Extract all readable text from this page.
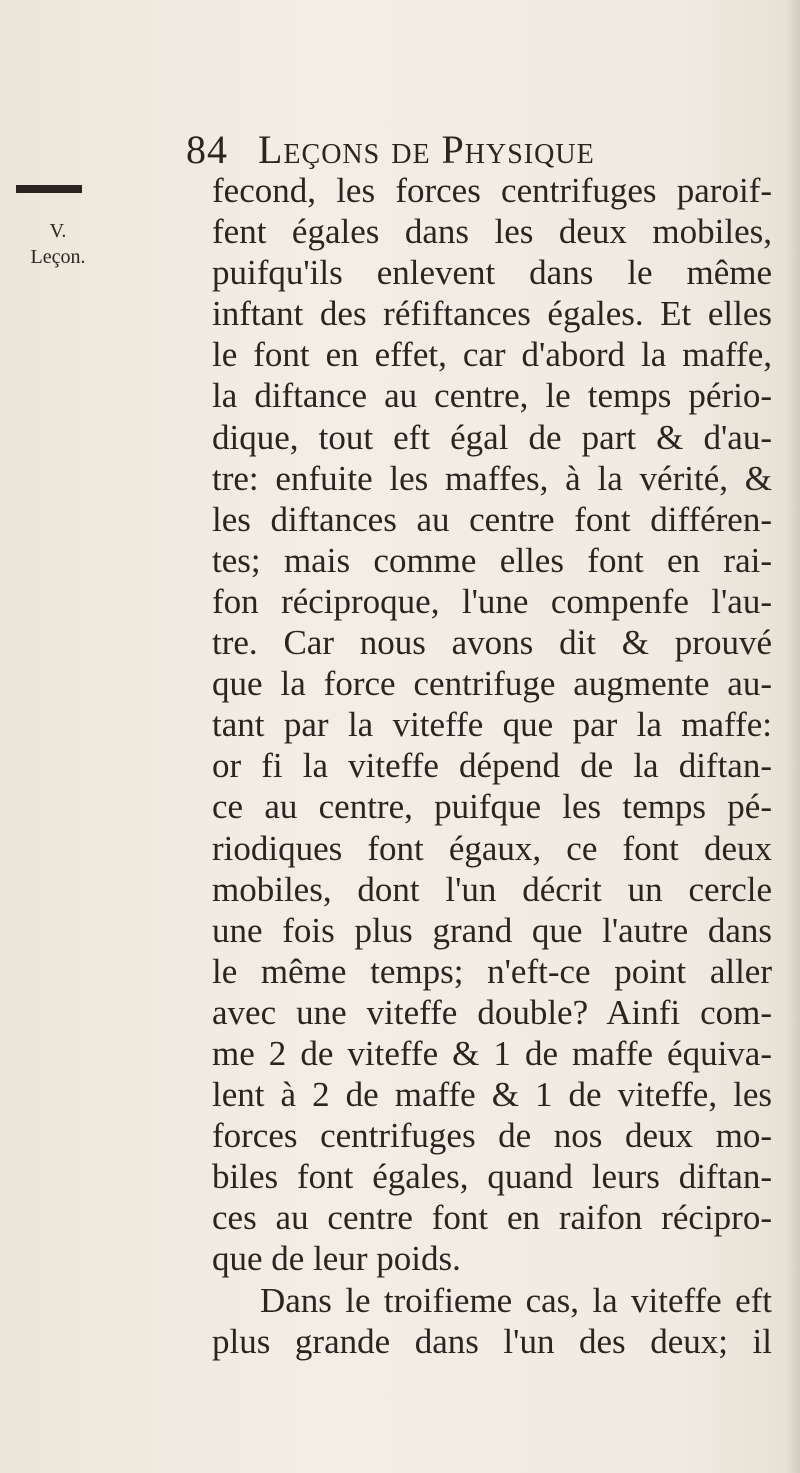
84 Leçons de Physique
V.
Leçon.
fecond, les forces centrifuges paroif-
fent égales dans les deux mobiles,
puifqu'ils enlevent dans le même
inftant des réfiftances égales. Et elles
le font en effet, car d'abord la maffe,
la diftance au centre, le temps pério-
dique, tout eft égal de part & d'au-
tre: enfuite les maffes, à la vérité, &
les diftances au centre font différen-
tes; mais comme elles font en rai-
fon réciproque, l'une compenfe l'au-
tre. Car nous avons dit & prouvé
que la force centrifuge augmente au-
tant par la viteffe que par la maffe:
or fi la viteffe dépend de la diftan-
ce au centre, puifque les temps pé-
riodiques font égaux, ce font deux
mobiles, dont l'un décrit un cercle
une fois plus grand que l'autre dans
le même temps; n'eft-ce point aller
avec une viteffe double? Ainfi com-
me 2 de viteffe & 1 de maffe équiva-
lent à 2 de maffe & 1 de viteffe, les
forces centrifuges de nos deux mo-
biles font égales, quand leurs diftan-
ces au centre font en raifon récipro-
que de leur poids.
Dans le troifieme cas, la viteffe eft
plus grande dans l'un des deux; il
